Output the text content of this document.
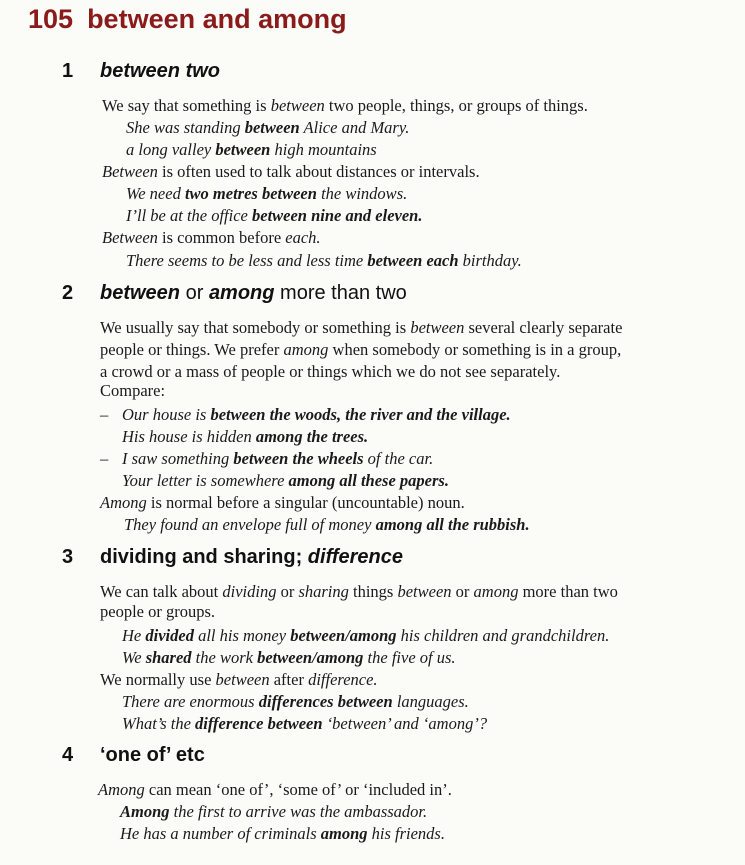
105 between and among
1 between two
We say that something is between two people, things, or groups of things.
She was standing between Alice and Mary.
a long valley between high mountains
Between is often used to talk about distances or intervals.
We need two metres between the windows.
I’ll be at the office between nine and eleven.
Between is common before each.
There seems to be less and less time between each birthday.
2 between or among more than two
We usually say that somebody or something is between several clearly separate
people or things. We prefer among when somebody or something is in a group,
a crowd or a mass of people or things which we do not see separately.
Compare:
– Our house is between the woods, the river and the village.
His house is hidden among the trees.
– I saw something between the wheels of the car.
Your letter is somewhere among all these papers.
Among is normal before a singular (uncountable) noun.
They found an envelope full of money among all the rubbish.
3 dividing and sharing; difference
We can talk about dividing or sharing things between or among more than two
people or groups.
He divided all his money between/among his children and grandchildren.
We shared the work between/among the five of us.
We normally use between after difference.
There are enormous differences between languages.
What’s the difference between ‘between’ and ‘among’?
4 ‘one of’ etc
Among can mean ‘one of’, ‘some of’ or ‘included in’.
Among the first to arrive was the ambassador.
He has a number of criminals among his friends.
